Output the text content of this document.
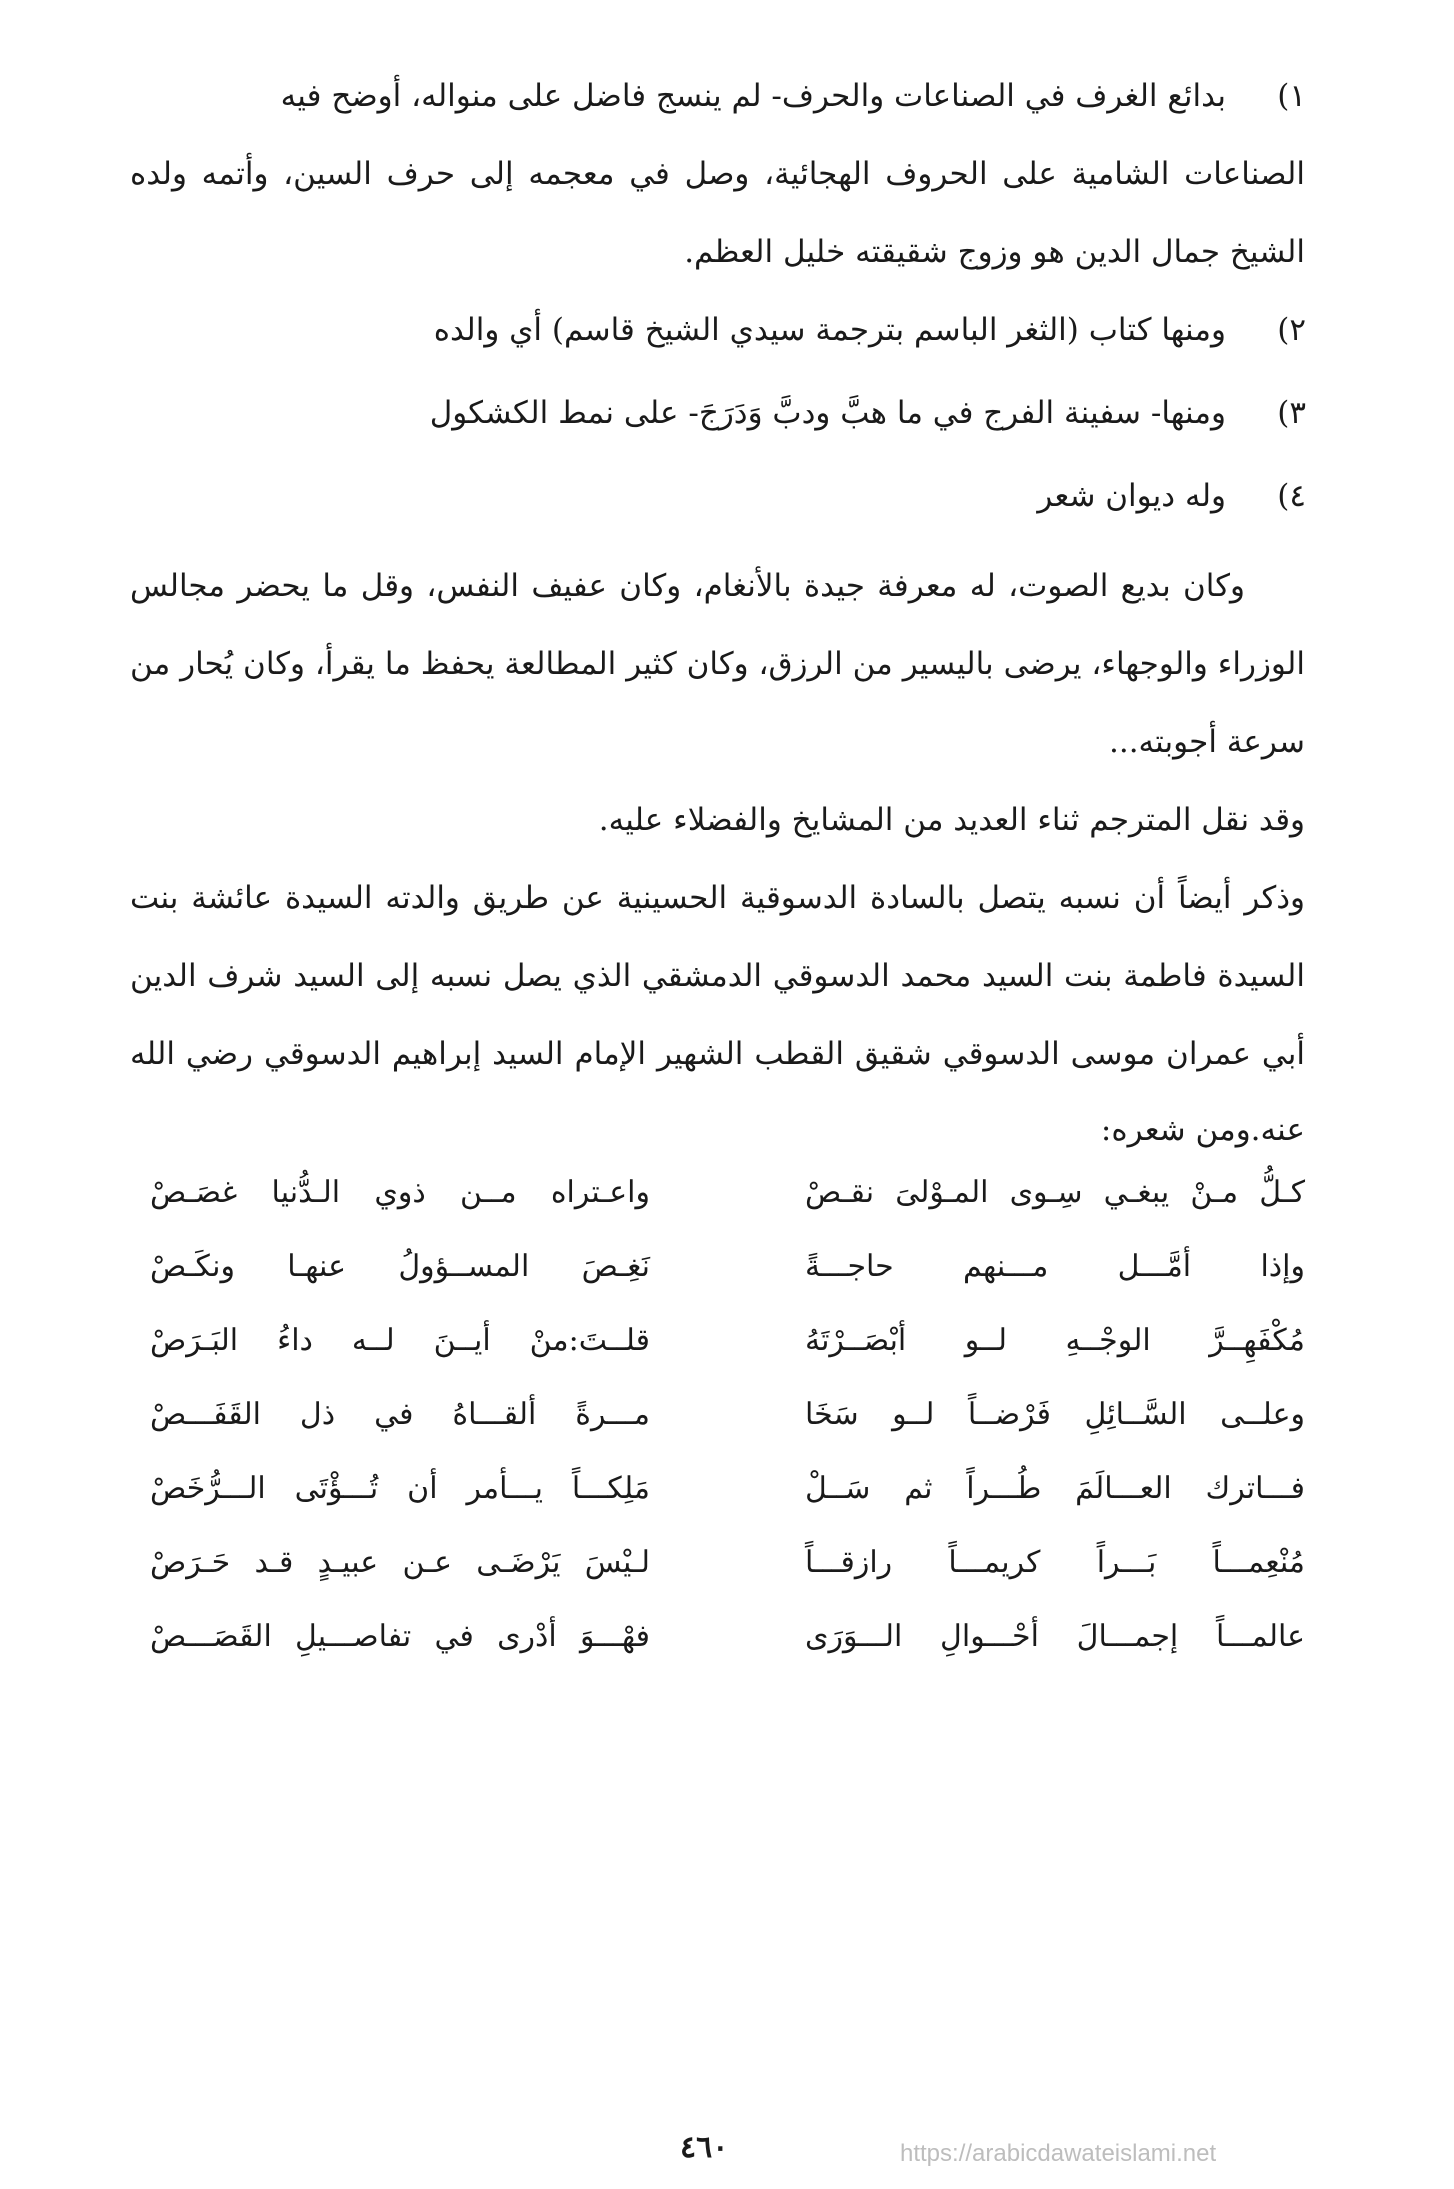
١)
بدائع الغرف في الصناعات والحرف- لم ينسج فاضل على منواله، أوضح فيه
الصناعات الشامية على الحروف الهجائية، وصل في معجمه إلى حرف السين، وأتمه ولده
الشيخ جمال الدين هو وزوج شقيقته خليل العظم.
٢)
ومنها كتاب (الثغر الباسم بترجمة سيدي الشيخ قاسم) أي والده
٣)
ومنها- سفينة الفرج في ما هبَّ ودبَّ وَدَرَجَ- على نمط الكشكول
٤)
وله ديوان شعر
وكان بديع الصوت، له معرفة جيدة بالأنغام، وكان عفيف النفس، وقل ما يحضر مجالس
الوزراء والوجهاء، يرضى باليسير من الرزق، وكان كثير المطالعة يحفظ ما يقرأ، وكان يُحار من
سرعة أجوبته...
وقد نقل المترجم ثناء العديد من المشايخ والفضلاء عليه.
وذكر أيضاً أن نسبه يتصل بالسادة الدسوقية الحسينية عن طريق والدته السيدة عائشة بنت
السيدة فاطمة بنت السيد محمد الدسوقي الدمشقي الذي يصل نسبه إلى السيد شرف الدين
أبي عمران موسى الدسوقي شقيق القطب الشهير الإمام السيد إبراهيم الدسوقي رضي الله
عنه.ومن شعره:
كـلُّ مـنْ يبغـي سِـوى المـوْلىَ نقـصْ
واعـتراه مــن ذوي الـدُّنيا غصَـصْ
وإذا أمَّـــل مـــنهم حاجـــةً
نَغِـصَ المســؤولُ عنهـا ونكَـصْ
مُكْفَهِــرَّ الوجْــهِ لــو أبْصَــرْتَهُ
قلــتَ:منْ أيــنَ لــه داءُ البَـرَصْ
وعلــى السَّــائِلِ فَرْضــاً لــو سَخَا
مـــرةً ألقـــاهُ في ذل القَفَـــصْ
فـــاترك العـــالَمَ طُـــراً ثم سَــلْ
مَلِكـــاً يـــأمر أن تُـــؤْتَى الـــرُّخَصْ
مُنْعِمـــاً بَـــراً كريمـــاً رازقـــاً
لـيْسَ يَرْضَـى عـن عبيـدٍ قـد حَـرَصْ
عالمـــاً إجمـــالَ أحْـــوالِ الـــوَرَى
فهْـــوَ أدْرى في تفاصـــيلِ القَصَـــصْ
٤٦٠	https://arabicdawateislami.net
